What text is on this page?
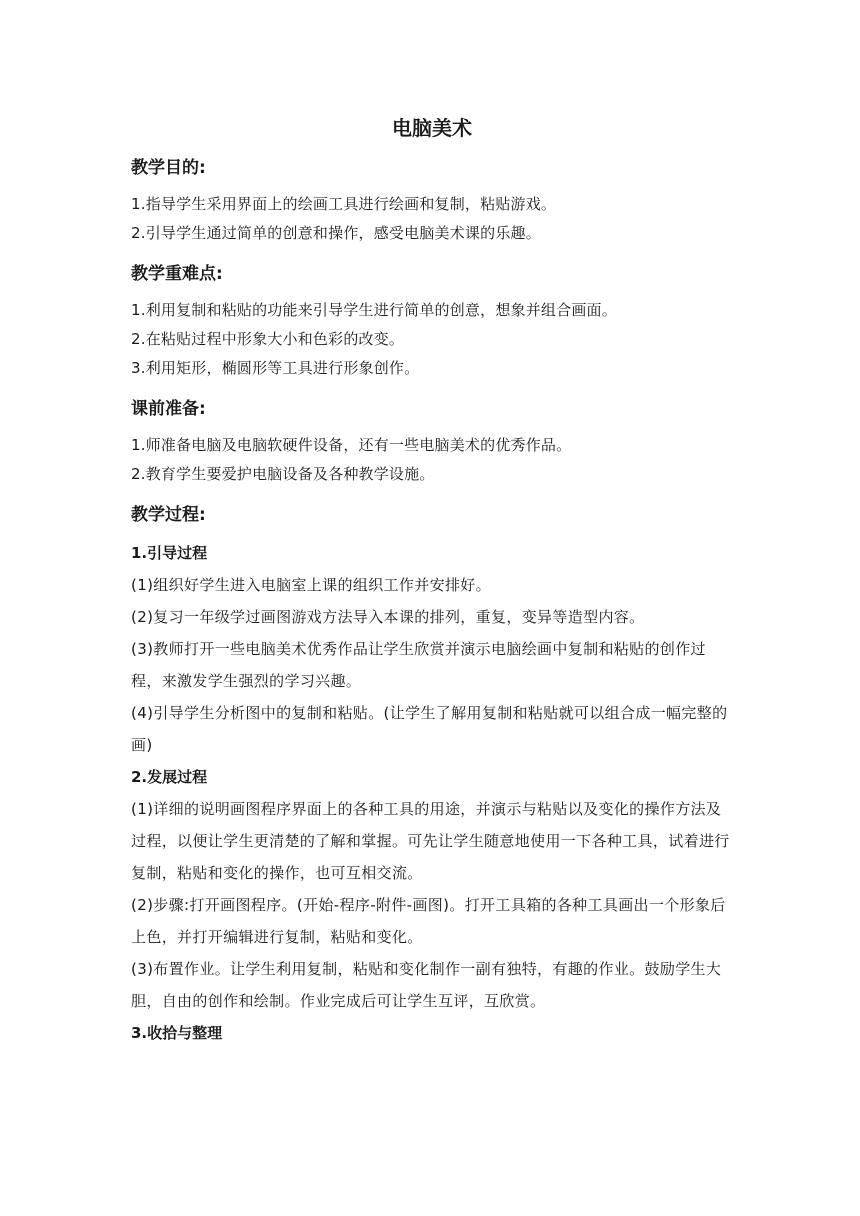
电脑美术
教学目的:

1.指导学生采用界面上的绘画工具进行绘画和复制，粘贴游戏。

2.引导学生通过简单的创意和操作，感受电脑美术课的乐趣。

教学重难点:

1.利用复制和粘贴的功能来引导学生进行简单的创意，想象并组合画面。

2.在粘贴过程中形象大小和色彩的改变。

3.利用矩形，椭圆形等工具进行形象创作。

课前准备:

1.师准备电脑及电脑软硬件设备，还有一些电脑美术的优秀作品。

2.教育学生要爱护电脑设备及各种教学设施。

教学过程:
1.引导过程

(1)组织好学生进入电脑室上课的组织工作并安排好。

(2)复习一年级学过画图游戏方法导入本课的排列，重复，变异等造型内容。

(3)教师打开一些电脑美术优秀作品让学生欣赏并演示电脑绘画中复制和粘贴的创作过程，来激发学生强烈的学习兴趣。

(4)引导学生分析图中的复制和粘贴。(让学生了解用复制和粘贴就可以组合成一幅完整的画)

2.发展过程

(1)详细的说明画图程序界面上的各种工具的用途，并演示与粘贴以及变化的操作方法及过程，以便让学生更清楚的了解和掌握。可先让学生随意地使用一下各种工具，试着进行复制，粘贴和变化的操作，也可互相交流。

(2)步骤:打开画图程序。(开始-程序-附件-画图)。打开工具箱的各种工具画出一个形象后上色，并打开编辑进行复制，粘贴和变化。

(3)布置作业。让学生利用复制，粘贴和变化制作一副有独特，有趣的作业。鼓励学生大胆，自由的创作和绘制。作业完成后可让学生互评，互欣赏。

3.收拾与整理
